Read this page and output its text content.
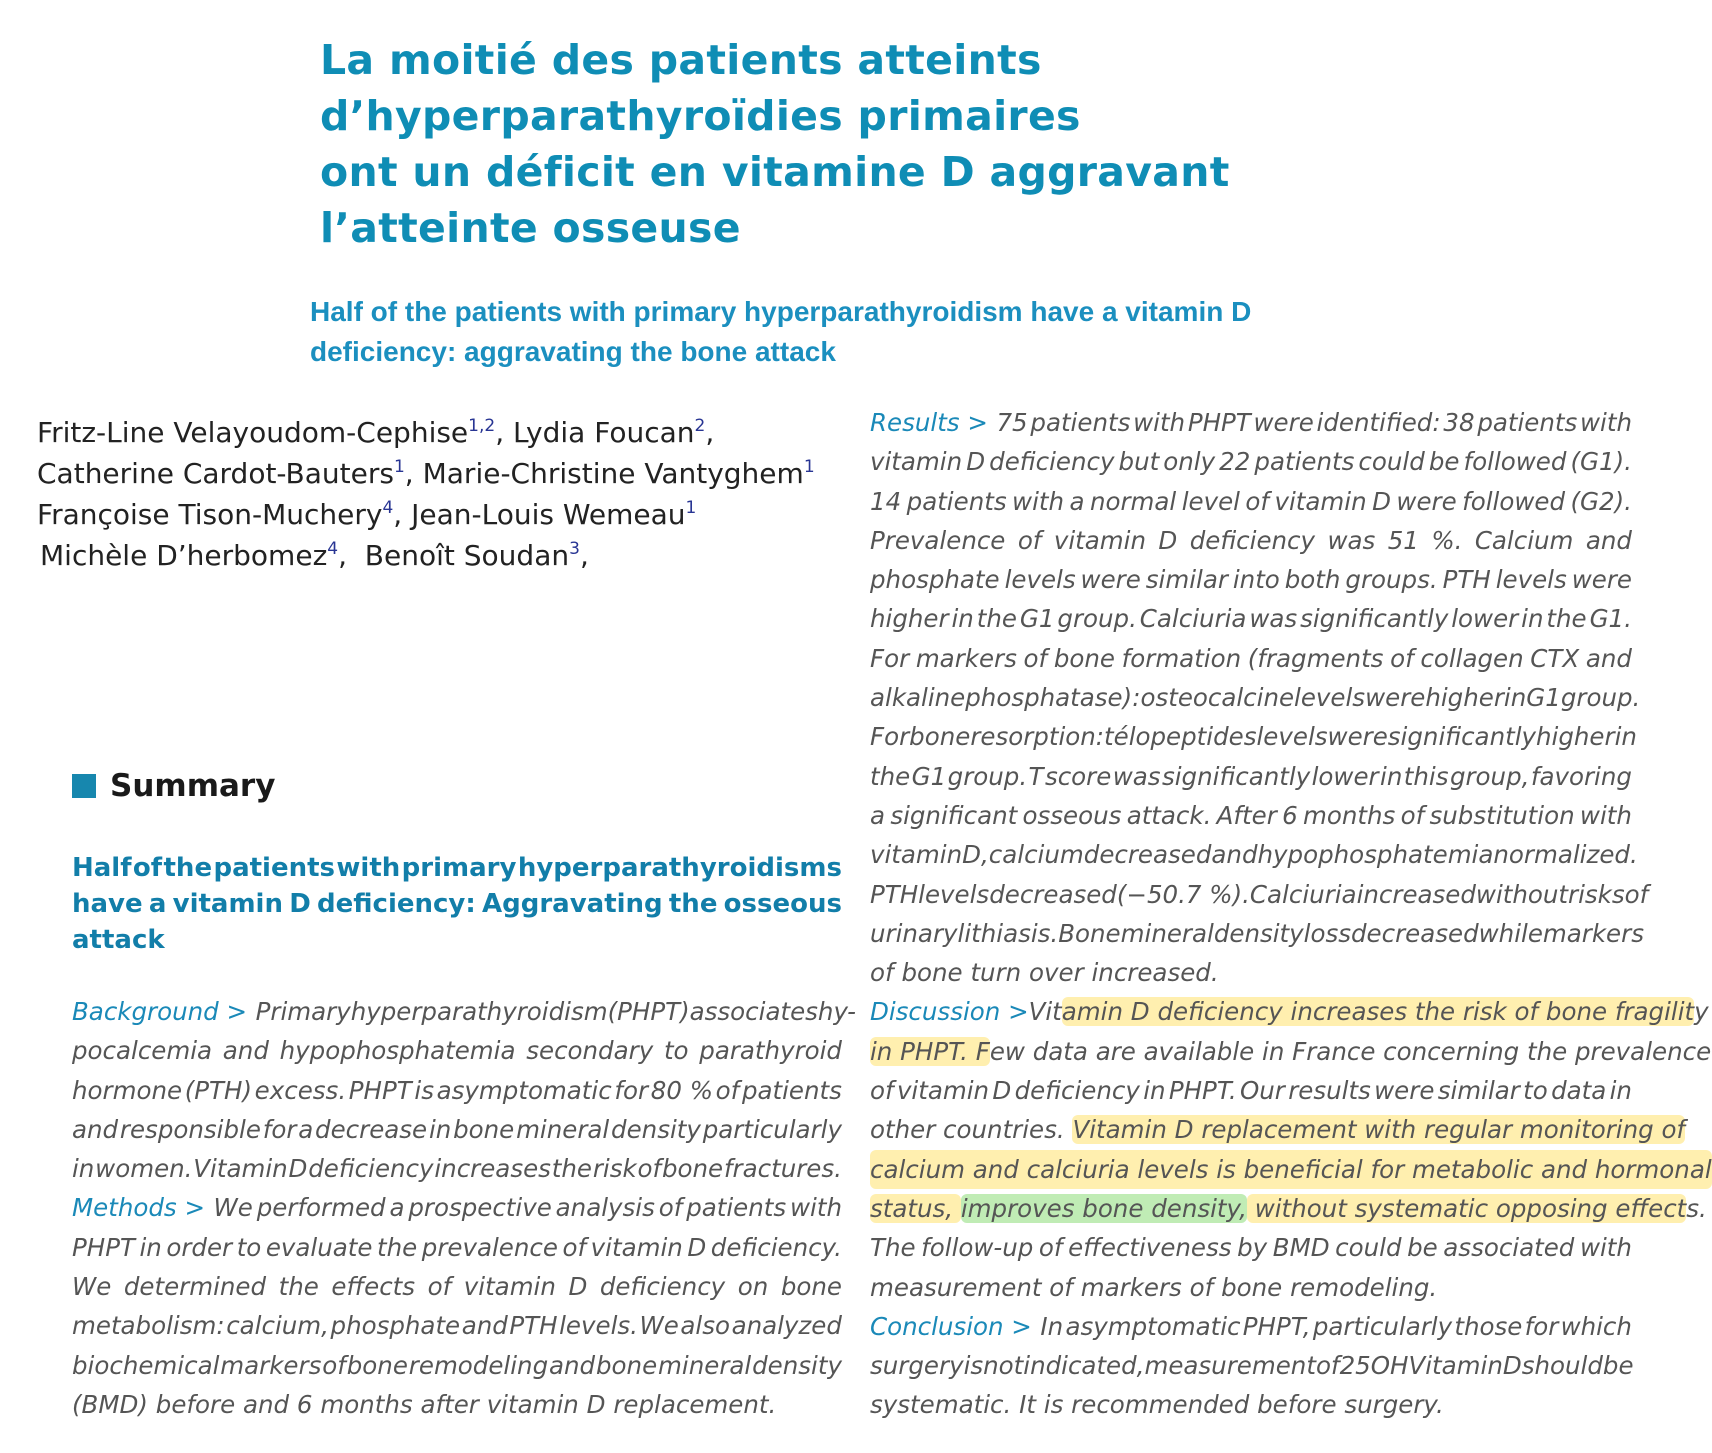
La moitié des patients atteints
d’hyperparathyroïdies primaires
ont un déficit en vitamine D aggravant
l’atteinte osseuse
Half of the patients with primary hyperparathyroidism have a vitamin D
deficiency: aggravating the bone attack
Fritz-Line Velayoudom-Cephise$^{1,2}$, Lydia Foucan$^2$,
Catherine Cardot-Bauters$^1$, Marie-Christine Vantyghem$^1$
Françoise Tison-Muchery$^4$, Jean-Louis Wemeau$^1$
Michèle D’herbomez$^4$,  Benoît Soudan$^3$,
Summary
Half of the patients with primary hyperparathyroidisms
have a vitamin D deficiency: Aggravating the osseous
attack
Background > Primary hyperparathyroidism (PHPT) associates hy-
pocalcemia and hypophosphatemia secondary to parathyroid
hormone (PTH) excess. PHPT is asymptomatic for 80 % of patients
and responsible for a decrease in bone mineral density particularly
in women. Vitamin D deficiency increases the risk of bone fractures.
Methods > We performed a prospective analysis of patients with
PHPT in order to evaluate the prevalence of vitamin D deficiency.
We determined the effects of vitamin D deficiency on bone
metabolism: calcium, phosphate and PTH levels. We also analyzed
biochemical markers of bone remodeling and bone mineral density
(BMD) before and 6 months after vitamin D replacement.
Results > 75 patients with PHPT were identified: 38 patients with
vitamin D deficiency but only 22 patients could be followed (G1).
14 patients with a normal level of vitamin D were followed (G2).
Prevalence of vitamin D deficiency was 51 %. Calcium and
phosphate levels were similar into both groups. PTH levels were
higher in the G1 group. Calciuria was significantly lower in the G1.
For markers of bone formation (fragments of collagen CTX and
alkaline phosphatase): osteocalcine levels were higher in G1 group.
For bone resorption: télopeptides levels were significantly higher in
the G1 group. T score was significantly lower in this group, favoring
a significant osseous attack. After 6 months of substitution with
vitamin D, calcium decreased and hypophosphatemia normalized.
PTH levels decreased (−50.7 %). Calciuria increased without risks of
urinary lithiasis. Bone mineral density loss decreased while markers
of bone turn over increased.
Discussion > Vitamin D deficiency increases the risk of bone fragility
in PHPT. Few data are available in France concerning the prevalence
of vitamin D deficiency in PHPT. Our results were similar to data in
other countries. Vitamin D replacement with regular monitoring of
calcium and calciuria levels is beneficial for metabolic and hormonal
status, improves bone density, without systematic opposing effects.
The follow-up of effectiveness by BMD could be associated with
measurement of markers of bone remodeling.
Conclusion > In asymptomatic PHPT, particularly those for which
surgery is not indicated, measurement of 25 OH Vitamin D should be
systematic. It is recommended before surgery.
